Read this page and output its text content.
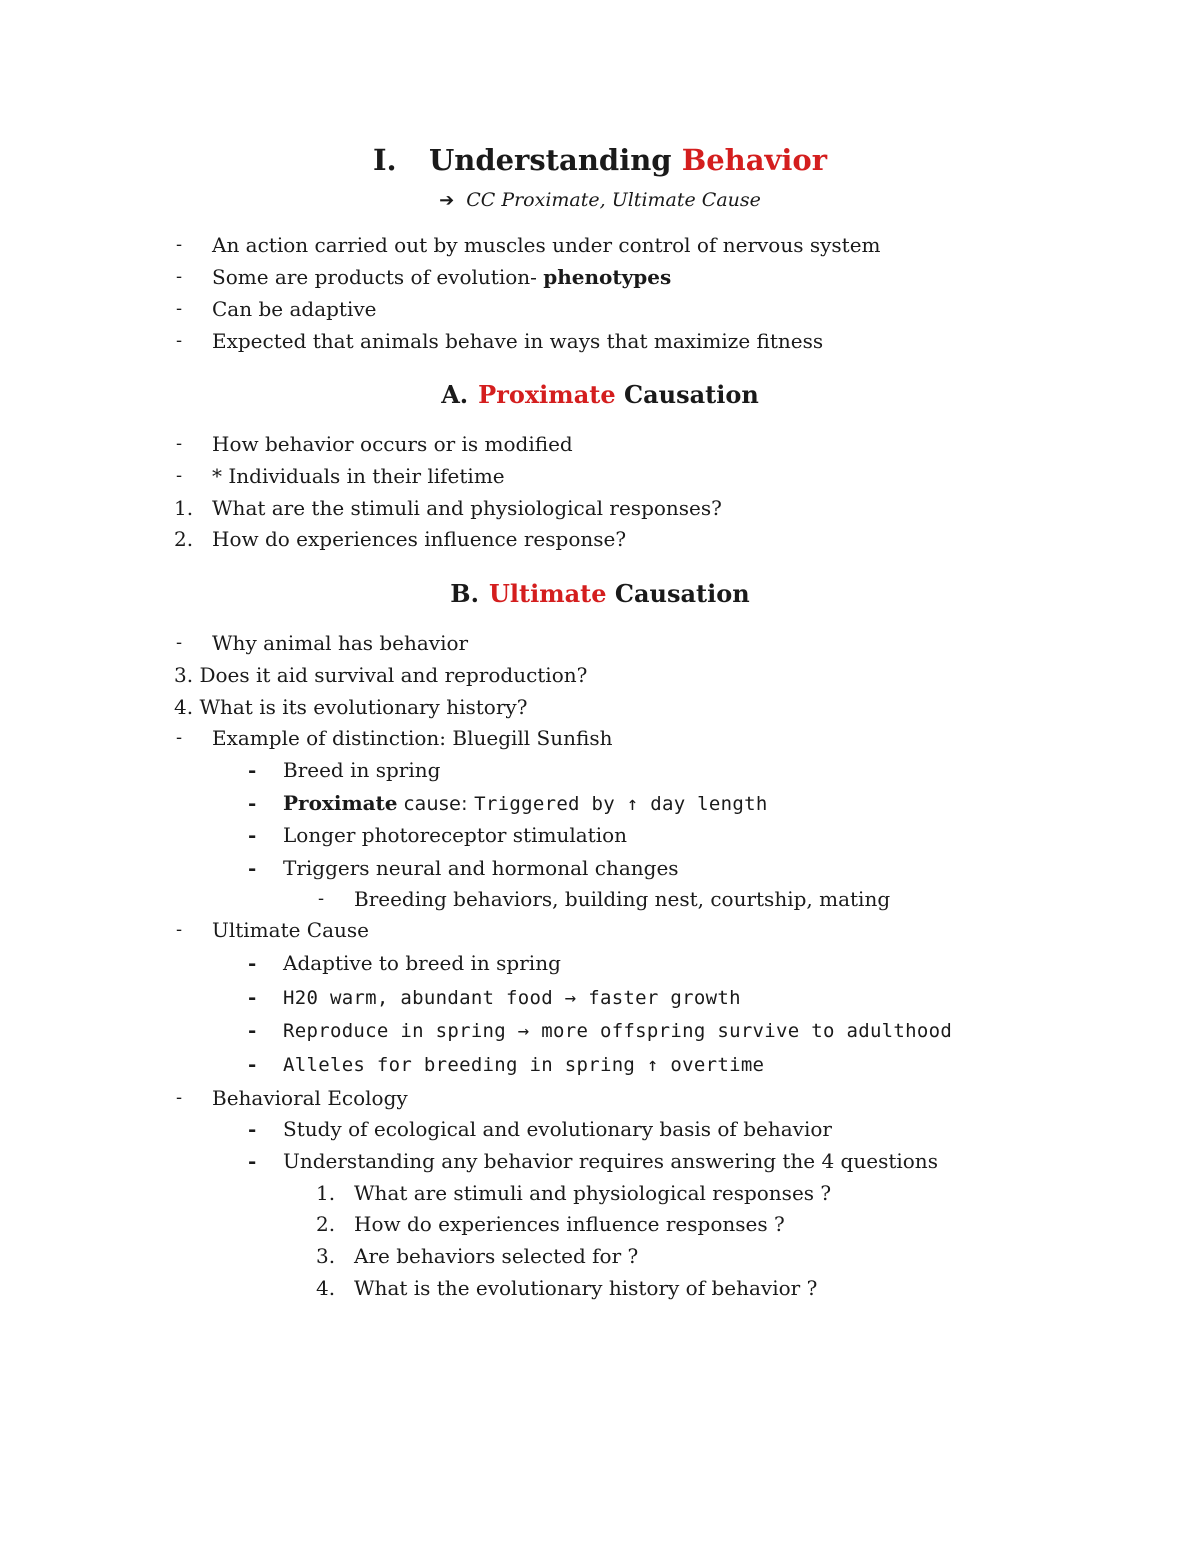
I. Understanding Behavior
➔ CC Proximate, Ultimate Cause
- An action carried out by muscles under control of nervous system
- Some are products of evolution- phenotypes
- Can be adaptive
- Expected that animals behave in ways that maximize fitness
A. Proximate Causation
- How behavior occurs or is modified
- * Individuals in their lifetime
1. What are the stimuli and physiological responses?
2. How do experiences influence response?
B. Ultimate Causation
- Why animal has behavior
3. Does it aid survival and reproduction?
4. What is its evolutionary history?
- Example of distinction: Bluegill Sunfish
- Breed in spring
- Proximate cause: Triggered by ↑ day length
- Longer photoreceptor stimulation
- Triggers neural and hormonal changes
- Breeding behaviors, building nest, courtship, mating
- Ultimate Cause
- Adaptive to breed in spring
- H20 warm, abundant food → faster growth
- Reproduce in spring → more offspring survive to adulthood
- Alleles for breeding in spring ↑ overtime
- Behavioral Ecology
- Study of ecological and evolutionary basis of behavior
- Understanding any behavior requires answering the 4 questions
1. What are stimuli and physiological responses ?
2. How do experiences influence responses ?
3. Are behaviors selected for ?
4. What is the evolutionary history of behavior ?
